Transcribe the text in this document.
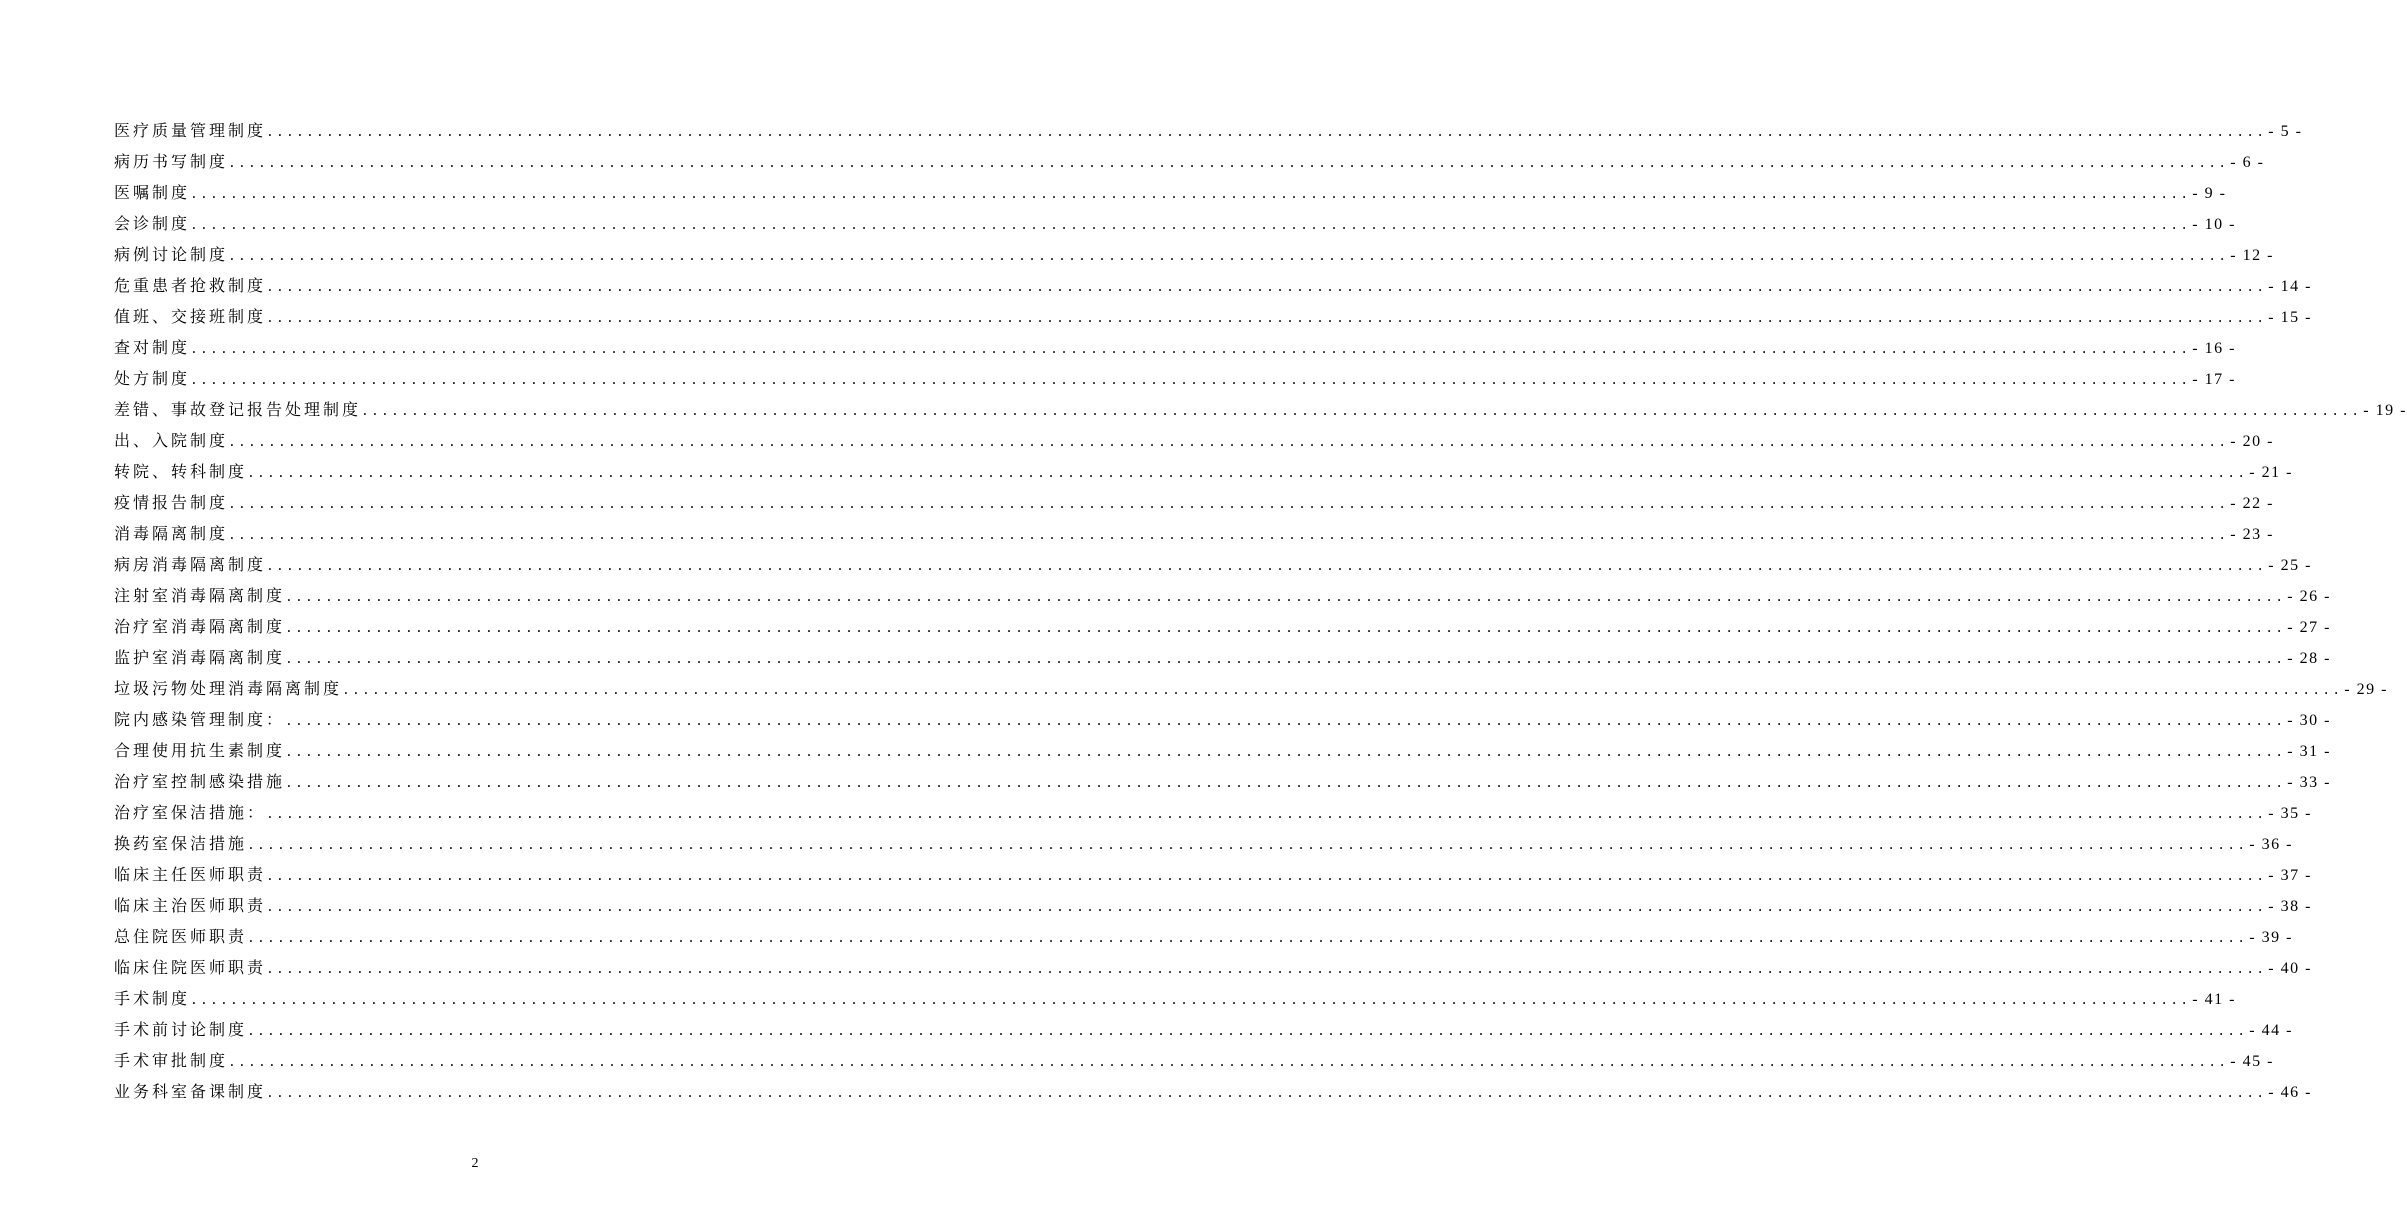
医疗质量管理制度 ........................................................................................................................................................................................................ - 5 -
病历书写制度 ........................................................................................................................................................................................................ - 6 -
医嘱制度 ........................................................................................................................................................................................................ - 9 -
会诊制度 ........................................................................................................................................................................................................ - 10 -
病例讨论制度 ........................................................................................................................................................................................................ - 12 -
危重患者抢救制度 ........................................................................................................................................................................................................ - 14 -
值班、交接班制度 ........................................................................................................................................................................................................ - 15 -
查对制度 ........................................................................................................................................................................................................ - 16 -
处方制度 ........................................................................................................................................................................................................ - 17 -
差错、事故登记报告处理制度 ........................................................................................................................................................................................................ - 19 -
出、入院制度 ........................................................................................................................................................................................................ - 20 -
转院、转科制度 ........................................................................................................................................................................................................ - 21 -
疫情报告制度 ........................................................................................................................................................................................................ - 22 -
消毒隔离制度 ........................................................................................................................................................................................................ - 23 -
病房消毒隔离制度 ........................................................................................................................................................................................................ - 25 -
注射室消毒隔离制度 ........................................................................................................................................................................................................ - 26 -
治疗室消毒隔离制度 ........................................................................................................................................................................................................ - 27 -
监护室消毒隔离制度 ........................................................................................................................................................................................................ - 28 -
垃圾污物处理消毒隔离制度 ........................................................................................................................................................................................................ - 29 -
院内感染管理制度： ........................................................................................................................................................................................................ - 30 -
合理使用抗生素制度 ........................................................................................................................................................................................................ - 31 -
治疗室控制感染措施 ........................................................................................................................................................................................................ - 33 -
治疗室保洁措施： ........................................................................................................................................................................................................ - 35 -
换药室保洁措施 ........................................................................................................................................................................................................ - 36 -
临床主任医师职责 ........................................................................................................................................................................................................ - 37 -
临床主治医师职责 ........................................................................................................................................................................................................ - 38 -
总住院医师职责 ........................................................................................................................................................................................................ - 39 -
临床住院医师职责 ........................................................................................................................................................................................................ - 40 -
手术制度 ........................................................................................................................................................................................................ - 41 -
手术前讨论制度 ........................................................................................................................................................................................................ - 44 -
手术审批制度 ........................................................................................................................................................................................................ - 45 -
业务科室备课制度 ........................................................................................................................................................................................................ - 46 -
2
